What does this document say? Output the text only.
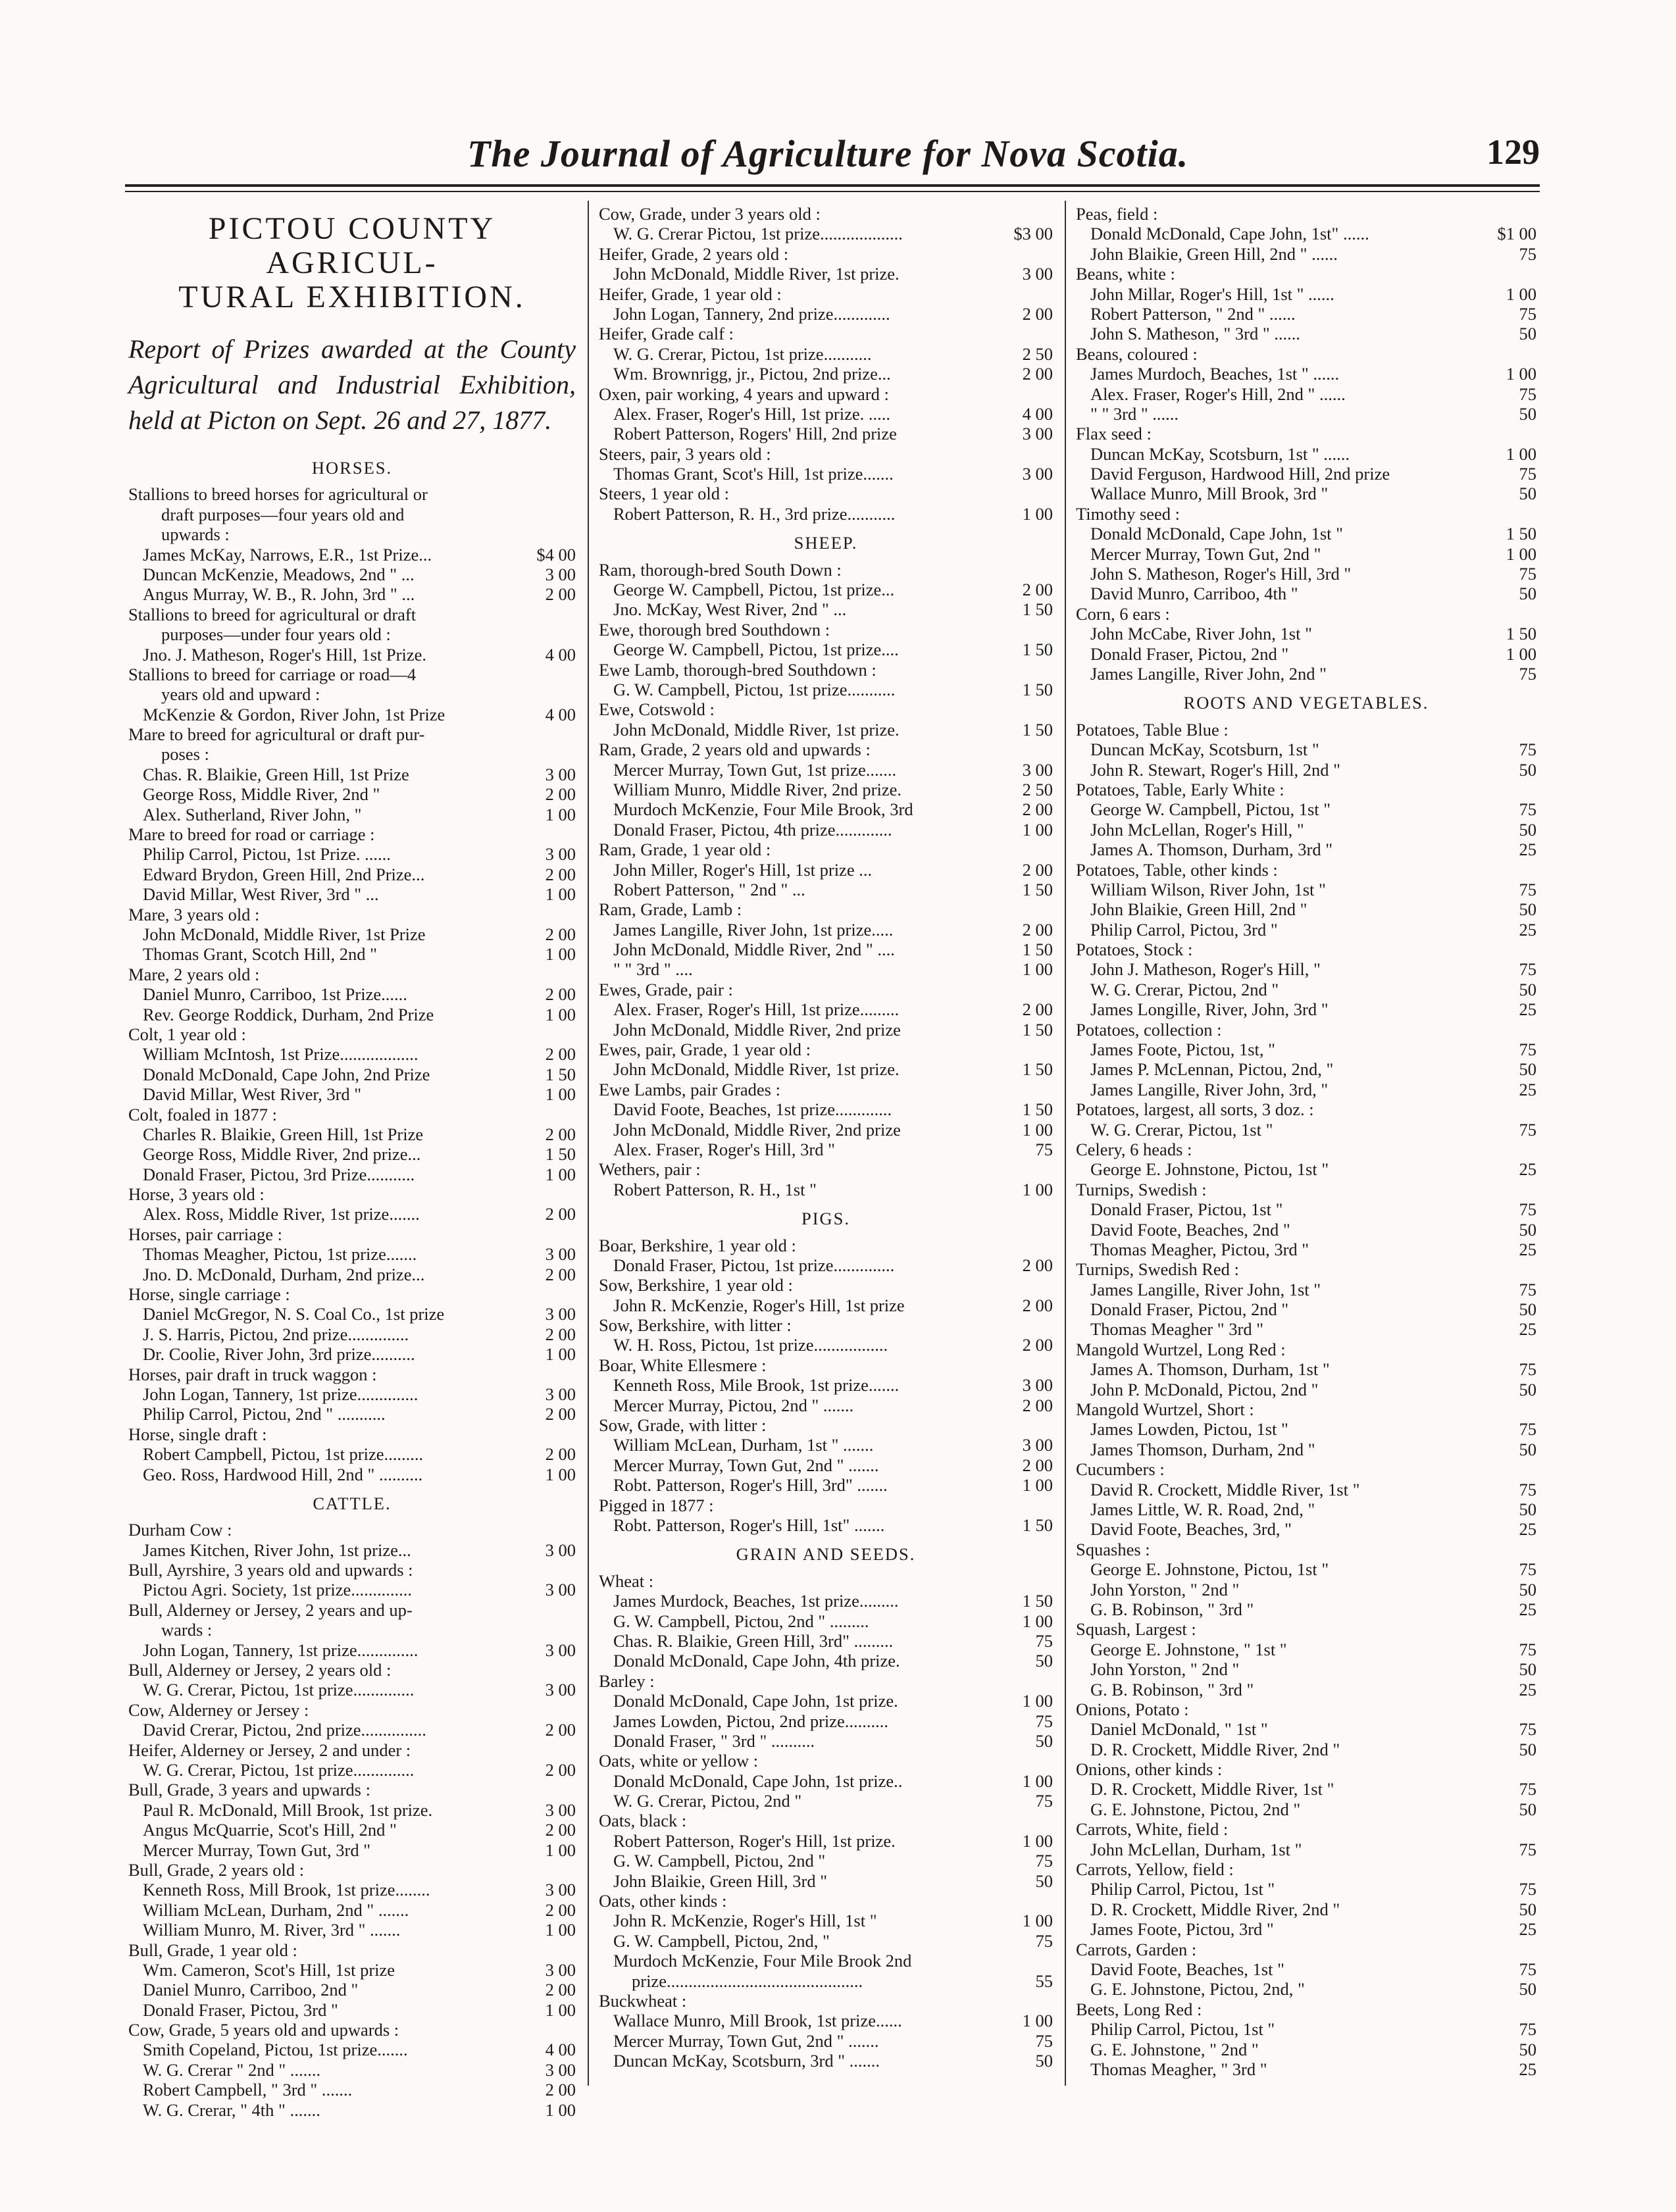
The Journal of Agriculture for Nova Scotia.	129
PICTOU COUNTY AGRICUL-
TURAL EXHIBITION.
Report of Prizes awarded at the County Agricultural and Industrial Exhibition, held at Picton on Sept. 26 and 27, 1877.
HORSES.
Stallions to breed horses for agricultural or
draft purposes—four years old and
upwards :
James McKay, Narrows, E.R., 1st Prize...	$4 00
Duncan McKenzie, Meadows, 2nd " ...	3 00
Angus Murray, W. B., R. John, 3rd " ...	2 00
Stallions to breed for agricultural or draft
purposes—under four years old :
Jno. J. Matheson, Roger's Hill, 1st Prize.	4 00
Stallions to breed for carriage or road—4
years old and upward :
McKenzie & Gordon, River John, 1st Prize	4 00
Mare to breed for agricultural or draft pur-
poses :
Chas. R. Blaikie, Green Hill, 1st Prize	3 00
George Ross, Middle River, 2nd "	2 00
Alex. Sutherland, River John, "	1 00
Mare to breed for road or carriage :
Philip Carrol, Pictou, 1st Prize. ......	3 00
Edward Brydon, Green Hill, 2nd Prize...	2 00
David Millar, West River, 3rd " ...	1 00
Mare, 3 years old :
John McDonald, Middle River, 1st Prize	2 00
Thomas Grant, Scotch Hill, 2nd "	1 00
Mare, 2 years old :
Daniel Munro, Carriboo, 1st Prize......	2 00
Rev. George Roddick, Durham, 2nd Prize	1 00
Colt, 1 year old :
William McIntosh, 1st Prize..................	2 00
Donald McDonald, Cape John, 2nd Prize	1 50
David Millar, West River, 3rd "	1 00
Colt, foaled in 1877 :
Charles R. Blaikie, Green Hill, 1st Prize	2 00
George Ross, Middle River, 2nd prize...	1 50
Donald Fraser, Pictou, 3rd Prize...........	1 00
Horse, 3 years old :
Alex. Ross, Middle River, 1st prize.......	2 00
Horses, pair carriage :
Thomas Meagher, Pictou, 1st prize.......	3 00
Jno. D. McDonald, Durham, 2nd prize...	2 00
Horse, single carriage :
Daniel McGregor, N. S. Coal Co., 1st prize	3 00
J. S. Harris, Pictou, 2nd prize..............	2 00
Dr. Coolie, River John, 3rd prize..........	1 00
Horses, pair draft in truck waggon :
John Logan, Tannery, 1st prize..............	3 00
Philip Carrol, Pictou, 2nd " ...........	2 00
Horse, single draft :
Robert Campbell, Pictou, 1st prize.........	2 00
Geo. Ross, Hardwood Hill, 2nd " ..........	1 00
CATTLE.
Durham Cow :
James Kitchen, River John, 1st prize...	3 00
Bull, Ayrshire, 3 years old and upwards :
Pictou Agri. Society, 1st prize..............	3 00
Bull, Alderney or Jersey, 2 years and up-
wards :
John Logan, Tannery, 1st prize..............	3 00
Bull, Alderney or Jersey, 2 years old :
W. G. Crerar, Pictou, 1st prize..............	3 00
Cow, Alderney or Jersey :
David Crerar, Pictou, 2nd prize...............	2 00
Heifer, Alderney or Jersey, 2 and under :
W. G. Crerar, Pictou, 1st prize..............	2 00
Bull, Grade, 3 years and upwards :
Paul R. McDonald, Mill Brook, 1st prize.	3 00
Angus McQuarrie, Scot's Hill, 2nd "	2 00
Mercer Murray, Town Gut, 3rd "	1 00
Bull, Grade, 2 years old :
Kenneth Ross, Mill Brook, 1st prize........	3 00
William McLean, Durham, 2nd " .......	2 00
William Munro, M. River, 3rd " .......	1 00
Bull, Grade, 1 year old :
Wm. Cameron, Scot's Hill, 1st prize	3 00
Daniel Munro, Carriboo, 2nd "	2 00
Donald Fraser, Pictou, 3rd "	1 00
Cow, Grade, 5 years old and upwards :
Smith Copeland, Pictou, 1st prize.......	4 00
W. G. Crerar " 2nd " .......	3 00
Robert Campbell, " 3rd " .......	2 00
W. G. Crerar, " 4th " .......	1 00
Cow, Grade, under 3 years old :
W. G. Crerar Pictou, 1st prize...................	$3 00
Heifer, Grade, 2 years old :
John McDonald, Middle River, 1st prize.	3 00
Heifer, Grade, 1 year old :
John Logan, Tannery, 2nd prize.............	2 00
Heifer, Grade calf :
W. G. Crerar, Pictou, 1st prize...........	2 50
Wm. Brownrigg, jr., Pictou, 2nd prize...	2 00
Oxen, pair working, 4 years and upward :
Alex. Fraser, Roger's Hill, 1st prize. .....	4 00
Robert Patterson, Rogers' Hill, 2nd prize	3 00
Steers, pair, 3 years old :
Thomas Grant, Scot's Hill, 1st prize.......	3 00
Steers, 1 year old :
Robert Patterson, R. H., 3rd prize...........	1 00
SHEEP.
Ram, thorough-bred South Down :
George W. Campbell, Pictou, 1st prize...	2 00
Jno. McKay, West River, 2nd " ...	1 50
Ewe, thorough bred Southdown :
George W. Campbell, Pictou, 1st prize....	1 50
Ewe Lamb, thorough-bred Southdown :
G. W. Campbell, Pictou, 1st prize...........	1 50
Ewe, Cotswold :
John McDonald, Middle River, 1st prize.	1 50
Ram, Grade, 2 years old and upwards :
Mercer Murray, Town Gut, 1st prize.......	3 00
William Munro, Middle River, 2nd prize.	2 50
Murdoch McKenzie, Four Mile Brook, 3rd	2 00
Donald Fraser, Pictou, 4th prize.............	1 00
Ram, Grade, 1 year old :
John Miller, Roger's Hill, 1st prize ...	2 00
Robert Patterson, " 2nd " ...	1 50
Ram, Grade, Lamb :
James Langille, River John, 1st prize.....	2 00
John McDonald, Middle River, 2nd " ....	1 50
" " 3rd " ....	1 00
Ewes, Grade, pair :
Alex. Fraser, Roger's Hill, 1st prize.........	2 00
John McDonald, Middle River, 2nd prize	1 50
Ewes, pair, Grade, 1 year old :
John McDonald, Middle River, 1st prize.	1 50
Ewe Lambs, pair Grades :
David Foote, Beaches, 1st prize.............	1 50
John McDonald, Middle River, 2nd prize	1 00
Alex. Fraser, Roger's Hill, 3rd "	75
Wethers, pair :
Robert Patterson, R. H., 1st "	1 00
PIGS.
Boar, Berkshire, 1 year old :
Donald Fraser, Pictou, 1st prize..............	2 00
Sow, Berkshire, 1 year old :
John R. McKenzie, Roger's Hill, 1st prize	2 00
Sow, Berkshire, with litter :
W. H. Ross, Pictou, 1st prize.................	2 00
Boar, White Ellesmere :
Kenneth Ross, Mile Brook, 1st prize.......	3 00
Mercer Murray, Pictou, 2nd " .......	2 00
Sow, Grade, with litter :
William McLean, Durham, 1st " .......	3 00
Mercer Murray, Town Gut, 2nd " .......	2 00
Robt. Patterson, Roger's Hill, 3rd" .......	1 00
Pigged in 1877 :
Robt. Patterson, Roger's Hill, 1st" .......	1 50
GRAIN AND SEEDS.
Wheat :
James Murdock, Beaches, 1st prize.........	1 50
G. W. Campbell, Pictou, 2nd " .........	1 00
Chas. R. Blaikie, Green Hill, 3rd" .........	75
Donald McDonald, Cape John, 4th prize.	50
Barley :
Donald McDonald, Cape John, 1st prize.	1 00
James Lowden, Pictou, 2nd prize..........	75
Donald Fraser, " 3rd " ..........	50
Oats, white or yellow :
Donald McDonald, Cape John, 1st prize..	1 00
W. G. Crerar, Pictou, 2nd "	75
Oats, black :
Robert Patterson, Roger's Hill, 1st prize.	1 00
G. W. Campbell, Pictou, 2nd "	75
John Blaikie, Green Hill, 3rd "	50
Oats, other kinds :
John R. McKenzie, Roger's Hill, 1st "	1 00
G. W. Campbell, Pictou, 2nd, "	75
Murdoch McKenzie, Four Mile Brook 2nd
prize.............................................	55
Buckwheat :
Wallace Munro, Mill Brook, 1st prize......	1 00
Mercer Murray, Town Gut, 2nd " .......	75
Duncan McKay, Scotsburn, 3rd " .......	50
Peas, field :
Donald McDonald, Cape John, 1st" ......	$1 00
John Blaikie, Green Hill, 2nd " ......	75
Beans, white :
John Millar, Roger's Hill, 1st " ......	1 00
Robert Patterson, " 2nd " ......	75
John S. Matheson, " 3rd " ......	50
Beans, coloured :
James Murdoch, Beaches, 1st " ......	1 00
Alex. Fraser, Roger's Hill, 2nd " ......	75
" " 3rd " ......	50
Flax seed :
Duncan McKay, Scotsburn, 1st " ......	1 00
David Ferguson, Hardwood Hill, 2nd prize	75
Wallace Munro, Mill Brook, 3rd "	50
Timothy seed :
Donald McDonald, Cape John, 1st "	1 50
Mercer Murray, Town Gut, 2nd "	1 00
John S. Matheson, Roger's Hill, 3rd "	75
David Munro, Carriboo, 4th "	50
Corn, 6 ears :
John McCabe, River John, 1st "	1 50
Donald Fraser, Pictou, 2nd "	1 00
James Langille, River John, 2nd "	75
ROOTS AND VEGETABLES.
Potatoes, Table Blue :
Duncan McKay, Scotsburn, 1st "	75
John R. Stewart, Roger's Hill, 2nd "	50
Potatoes, Table, Early White :
George W. Campbell, Pictou, 1st "	75
John McLellan, Roger's Hill, "	50
James A. Thomson, Durham, 3rd "	25
Potatoes, Table, other kinds :
William Wilson, River John, 1st "	75
John Blaikie, Green Hill, 2nd "	50
Philip Carrol, Pictou, 3rd "	25
Potatoes, Stock :
John J. Matheson, Roger's Hill, "	75
W. G. Crerar, Pictou, 2nd "	50
James Longille, River, John, 3rd "	25
Potatoes, collection :
James Foote, Pictou, 1st, "	75
James P. McLennan, Pictou, 2nd, "	50
James Langille, River John, 3rd, "	25
Potatoes, largest, all sorts, 3 doz. :
W. G. Crerar, Pictou, 1st "	75
Celery, 6 heads :
George E. Johnstone, Pictou, 1st "	25
Turnips, Swedish :
Donald Fraser, Pictou, 1st "	75
David Foote, Beaches, 2nd "	50
Thomas Meagher, Pictou, 3rd "	25
Turnips, Swedish Red :
James Langille, River John, 1st "	75
Donald Fraser, Pictou, 2nd "	50
Thomas Meagher " 3rd "	25
Mangold Wurtzel, Long Red :
James A. Thomson, Durham, 1st "	75
John P. McDonald, Pictou, 2nd "	50
Mangold Wurtzel, Short :
James Lowden, Pictou, 1st "	75
James Thomson, Durham, 2nd "	50
Cucumbers :
David R. Crockett, Middle River, 1st "	75
James Little, W. R. Road, 2nd, "	50
David Foote, Beaches, 3rd, "	25
Squashes :
George E. Johnstone, Pictou, 1st "	75
John Yorston, " 2nd "	50
G. B. Robinson, " 3rd "	25
Squash, Largest :
George E. Johnstone, " 1st "	75
John Yorston, " 2nd "	50
G. B. Robinson, " 3rd "	25
Onions, Potato :
Daniel McDonald, " 1st "	75
D. R. Crockett, Middle River, 2nd "	50
Onions, other kinds :
D. R. Crockett, Middle River, 1st "	75
G. E. Johnstone, Pictou, 2nd "	50
Carrots, White, field :
John McLellan, Durham, 1st "	75
Carrots, Yellow, field :
Philip Carrol, Pictou, 1st "	75
D. R. Crockett, Middle River, 2nd "	50
James Foote, Pictou, 3rd "	25
Carrots, Garden :
David Foote, Beaches, 1st "	75
G. E. Johnstone, Pictou, 2nd, "	50
Beets, Long Red :
Philip Carrol, Pictou, 1st "	75
G. E. Johnstone, " 2nd "	50
Thomas Meagher, " 3rd "	25
